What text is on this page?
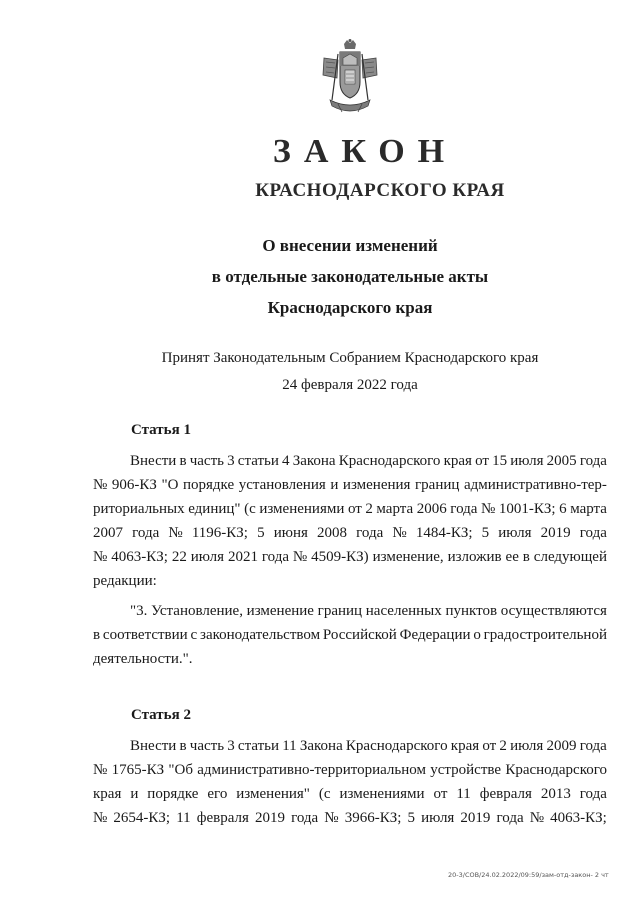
ЗАКОН
КРАСНОДАРСКОГО КРАЯ
О внесении изменений
в отдельные законодательные акты
Краснодарского края
Принят Законодательным Собранием Краснодарского края
24 февраля 2022 года
Статья 1
Внести в часть 3 статьи 4 Закона Краснодарского края от 15 июля 2005 года
№ 906-КЗ "О порядке установления и изменения границ административно-тер-
риториальных единиц" (с изменениями от 2 марта 2006 года № 1001-КЗ; 6 марта
2007 года № 1196-КЗ; 5 июня 2008 года № 1484-КЗ; 5 июля 2019 года
№ 4063-КЗ; 22 июля 2021 года № 4509-КЗ) изменение, изложив ее в следующей
редакции:
"3. Установление, изменение границ населенных пунктов осуществляются
в соответствии с законодательством Российской Федерации о градостроительной
деятельности.".
Статья 2
Внести в часть 3 статьи 11 Закона Краснодарского края от 2 июля 2009 года
№ 1765-КЗ "Об административно-территориальном устройстве Краснодарского
края и порядке его изменения" (с изменениями от 11 февраля 2013 года
№ 2654-КЗ; 11 февраля 2019 года № 3966-КЗ; 5 июля 2019 года № 4063-КЗ;
20-3/СОВ/24.02.2022/09:59/зам-отд-закон- 2 чт
